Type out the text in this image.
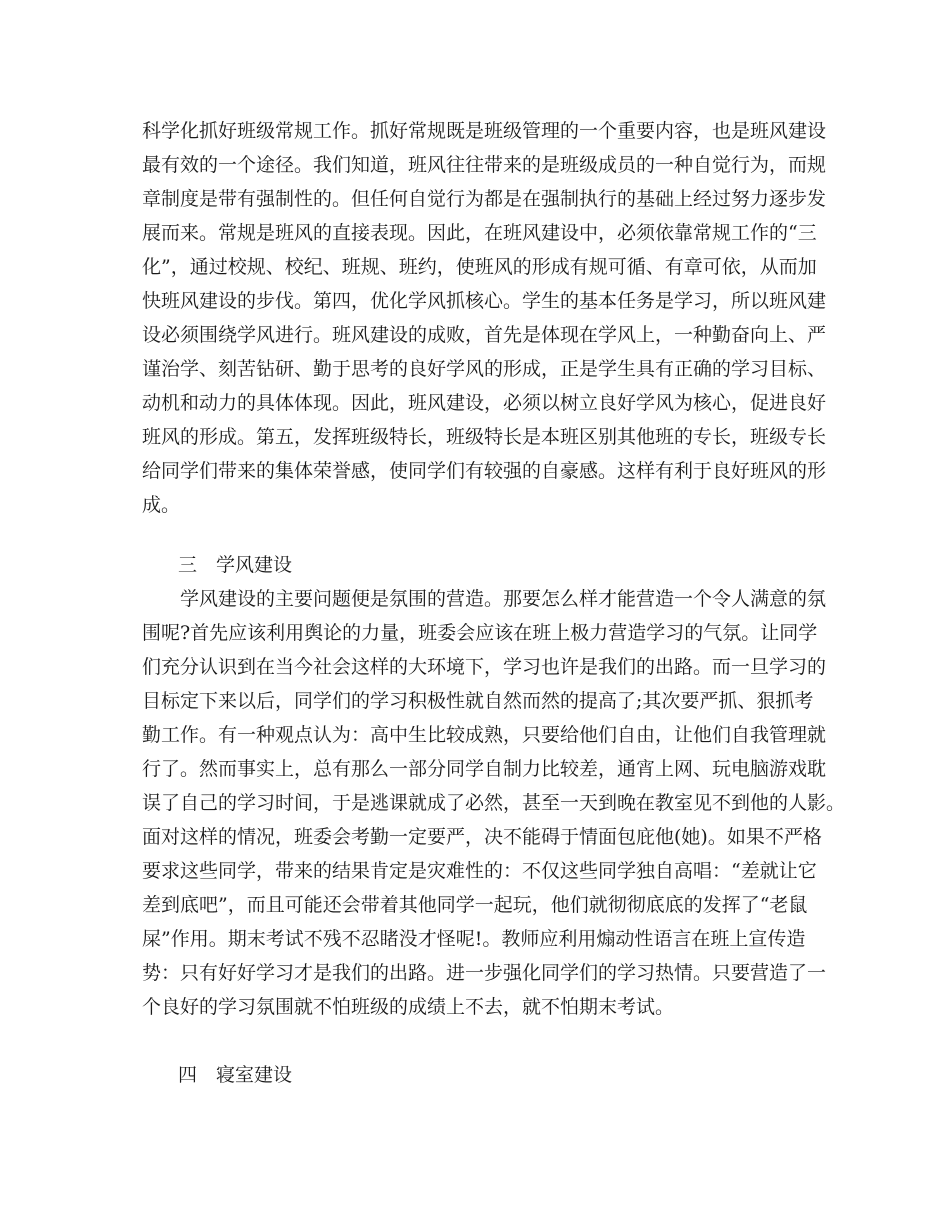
科学化抓好班级常规工作。抓好常规既是班级管理的一个重要内容，也是班风建设
最有效的一个途径。我们知道，班风往往带来的是班级成员的一种自觉行为，而规
章制度是带有强制性的。但任何自觉行为都是在强制执行的基础上经过努力逐步发
展而来。常规是班风的直接表现。因此，在班风建设中，必须依靠常规工作的“三
化”，通过校规、校纪、班规、班约，使班风的形成有规可循、有章可依，从而加
快班风建设的步伐。第四，优化学风抓核心。学生的基本任务是学习，所以班风建
设必须围绕学风进行。班风建设的成败，首先是体现在学风上，一种勤奋向上、严
谨治学、刻苦钻研、勤于思考的良好学风的形成，正是学生具有正确的学习目标、
动机和动力的具体体现。因此，班风建设，必须以树立良好学风为核心，促进良好
班风的形成。第五，发挥班级特长，班级特长是本班区别其他班的专长，班级专长
给同学们带来的集体荣誉感，使同学们有较强的自豪感。这样有利于良好班风的形
成。
三　学风建设
　　学风建设的主要问题便是氛围的营造。那要怎么样才能营造一个令人满意的氛
围呢?首先应该利用舆论的力量，班委会应该在班上极力营造学习的气氛。让同学
们充分认识到在当今社会这样的大环境下，学习也许是我们的出路。而一旦学习的
目标定下来以后，同学们的学习积极性就自然而然的提高了;其次要严抓、狠抓考
勤工作。有一种观点认为：高中生比较成熟，只要给他们自由，让他们自我管理就
行了。然而事实上，总有那么一部分同学自制力比较差，通宵上网、玩电脑游戏耽
误了自己的学习时间，于是逃课就成了必然，甚至一天到晚在教室见不到他的人影。
面对这样的情况，班委会考勤一定要严，决不能碍于情面包庇他(她)。如果不严格
要求这些同学，带来的结果肯定是灾难性的：不仅这些同学独自高唱：“差就让它
差到底吧”，而且可能还会带着其他同学一起玩，他们就彻彻底底的发挥了“老鼠
屎”作用。期末考试不残不忍睹没才怪呢!。教师应利用煽动性语言在班上宣传造
势：只有好好学习才是我们的出路。进一步强化同学们的学习热情。只要营造了一
个良好的学习氛围就不怕班级的成绩上不去，就不怕期末考试。
四　寝室建设
